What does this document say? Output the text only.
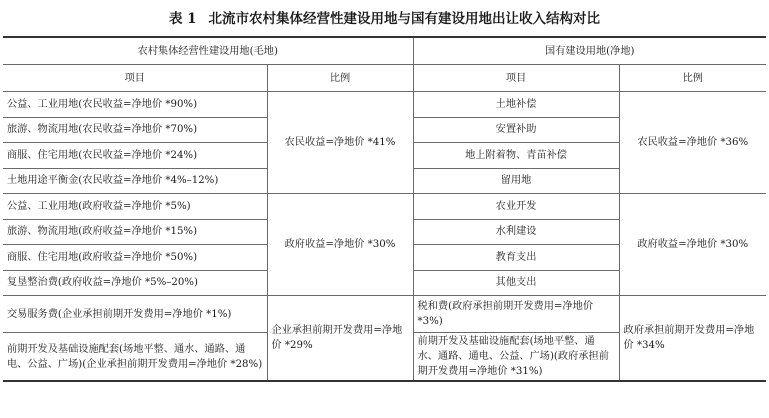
表 1 北流市农村集体经营性建设用地与国有建设用地出让收入结构对比
农村集体经营性建设用地(毛地)		国有建设用地(净地)	
项目	比例	项目	比例
公益、工业用地(农民收益=净地价 *90%)	农民收益=净地价 *41%	土地补偿	农民收益=净地价 *36%
旅游、物流用地(农民收益=净地价 *70%)		安置补助	
商服、住宅用地(农民收益=净地价 *24%)		地上附着物、青苗补偿	
土地用途平衡金(农民收益=净地价 *4%–12%)		留用地	
公益、工业用地(政府收益=净地价 *5%)	政府收益=净地价 *30%	农业开发	政府收益=净地价 *30%
旅游、物流用地(政府收益=净地价 *15%)		水利建设	
商服、住宅用地(政府收益=净地价 *50%)		教育支出	
复垦整治费(政府收益=净地价 *5%–20%)		其他支出	
交易服务费(企业承担前期开发费用=净地价 *1%)	企业承担前期开发费用=净地价 *29%	税和费(政府承担前期开发费用=净地价 *3%)	政府承担前期开发费用=净地价 *34%
前期开发及基础设施配套(场地平整、通水、通路、通电、公益、广场)(企业承担前期开发费用=净地价 *28%)		前期开发及基础设施配套(场地平整、通水、通路、通电、公益、广场)(政府承担前期开发费用=净地价 *31%)	
